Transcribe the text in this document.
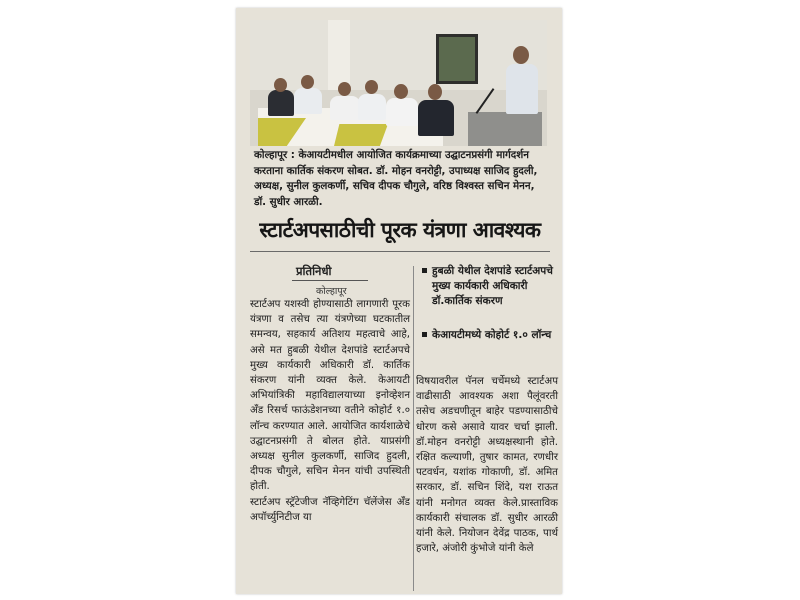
कोल्हापूर : केआयटीमधील आयोजित कार्यक्रमाच्या उद्घाटनप्रसंगी मार्गदर्शन करताना कार्तिक संकरण सोबत. डॉ. मोहन वनरोट्टी, उपाध्यक्ष साजिद हुदली, अध्यक्ष, सुनील कुलकर्णी, सचिव दीपक चौगुले, वरिष्ठ विश्वस्त सचिन मेनन, डॉ. सुधीर आरळी.
स्टार्टअपसाठीची पूरक यंत्रणा आवश्यक
प्रतिनिधी
कोल्हापूर

स्टार्टअप यशस्वी होण्यासाठी लागणारी पूरक यंत्रणा व तसेच त्या यंत्रणेच्या घटकातील समन्वय, सहकार्य अतिशय महत्वाचे आहे, असे मत हुबळी येथील देशपांडे स्टार्टअपचे मुख्य कार्यकारी अधिकारी डॉ. कार्तिक संकरण यांनी व्यक्त केले. केआयटी अभियांत्रिकी महाविद्यालयाच्या इनोव्हेशन ॲंड रिसर्च फाऊंडेशनच्या वतीने कोहोर्ट १.० लॉन्च करण्यात आले. आयोजित कार्यशाळेचे उद्घाटनप्रसंगी ते बोलत होते. याप्रसंगी अध्यक्ष सुनील कुलकर्णी, साजिद हुदली, दीपक चौगुले, सचिन मेनन यांची उपस्थिती होती.

स्टार्टअप स्ट्रॅटेजीज नॅव्हिगेटिंग चॅलेंजेस ॲंड अपॉर्च्युनिटीज या

हुबळी येथील देशपांडे स्टार्टअपचे मुख्य कार्यकारी अधिकारी डॉ.कार्तिक संकरण
केआयटीमध्ये कोहोर्ट १.० लॉन्च

विषयावरील पॅनल चर्चेमध्ये स्टार्टअप वाढीसाठी आवश्यक अशा पैलूंवरती तसेच अडचणीतून बाहेर पडण्यासाठीचे धोरण कसे असावे यावर चर्चा झाली. डॉ.मोहन वनरोट्टी अध्यक्षस्थानी होते. रक्षित कल्याणी, तुषार कामत, रणधीर पटवर्धन, यशांक गोकाणी, डॉ. अमित सरकार, डॉ. सचिन शिंदे, यश राऊत यांनी मनोगत व्यक्त केले.प्रास्ताविक कार्यकारी संचालक डॉ. सुधीर आरळी यांनी केले. नियोजन देवेंद्र पाठक, पार्थ हजारे, अंजोरी कुंभोजे यांनी केले
